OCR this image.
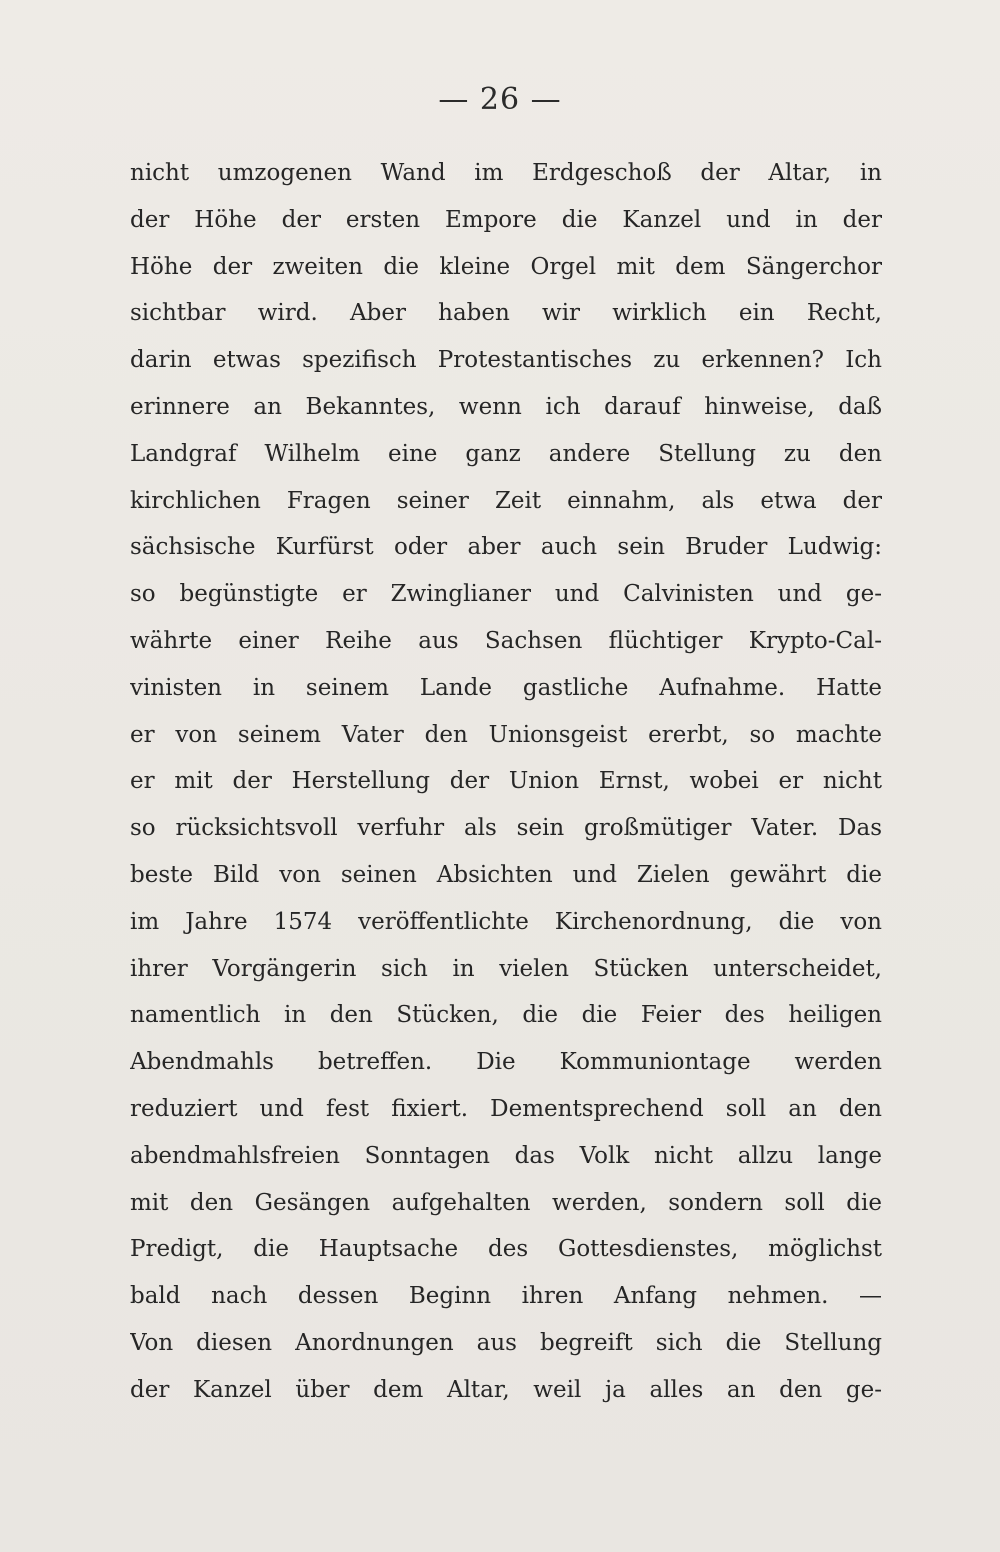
— 26 —
nicht umzogenen Wand im Erdgeschoß der Altar, in
der Höhe der ersten Empore die Kanzel und in der
Höhe der zweiten die kleine Orgel mit dem Sängerchor
sichtbar wird. Aber haben wir wirklich ein Recht,
darin etwas spezifisch Protestantisches zu erkennen? Ich
erinnere an Bekanntes, wenn ich darauf hinweise, daß
Landgraf Wilhelm eine ganz andere Stellung zu den
kirchlichen Fragen seiner Zeit einnahm, als etwa der
sächsische Kurfürst oder aber auch sein Bruder Ludwig:
so begünstigte er Zwinglianer und Calvinisten und ge-
währte einer Reihe aus Sachsen flüchtiger Krypto-Cal-
vinisten in seinem Lande gastliche Aufnahme. Hatte
er von seinem Vater den Unionsgeist ererbt, so machte
er mit der Herstellung der Union Ernst, wobei er nicht
so rücksichtsvoll verfuhr als sein großmütiger Vater. Das
beste Bild von seinen Absichten und Zielen gewährt die
im Jahre 1574 veröffentlichte Kirchenordnung, die von
ihrer Vorgängerin sich in vielen Stücken unterscheidet,
namentlich in den Stücken, die die Feier des heiligen
Abendmahls betreffen. Die Kommuniontage werden
reduziert und fest fixiert. Dementsprechend soll an den
abendmahlsfreien Sonntagen das Volk nicht allzu lange
mit den Gesängen aufgehalten werden, sondern soll die
Predigt, die Hauptsache des Gottesdienstes, möglichst
bald nach dessen Beginn ihren Anfang nehmen. —
Von diesen Anordnungen aus begreift sich die Stellung
der Kanzel über dem Altar, weil ja alles an den ge-
